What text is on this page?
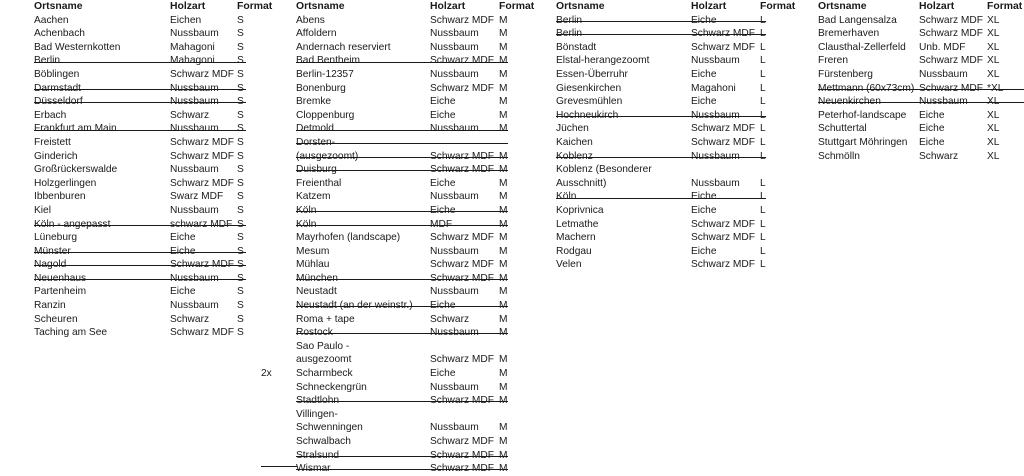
Ortsname	Holzart	Format
Aachen	Eichen	S
Achenbach	Nussbaum S
Bad Westernkotten	Mahagoni S
Berlin	Mahagoni S
Böblingen	Schwarz MDF S
Darmstadt	Nussbaum S
Düsseldorf	Nussbaum S
Erbach	Schwarz	S
Frankfurt am Main	Nussbaum S
Freistett	Schwarz MDF S
Ginderich	Schwarz MDF S
Großrückerswalde	Nussbaum S
Holzgerlingen	Schwarz MDF S
Ibbenburen	Swarz MDF S
Kiel	Nussbaum S
Köln - angepasst	schwarz MDF S
Lüneburg	Eiche	S
Münster	Eiche	S
Nagold	Schwarz MDF S
Neuenhaus	Nussbaum S
Partenheim	Eiche	S
Ranzin	Nussbaum S
Scheuren	Schwarz	S
Taching am See	Schwarz MDF S
Ortsname	Holzart	Format
Abens	Schwarz MDF M
Affoldern	Nussbaum M
Andernach reserviert	Nussbaum M
Bad Bentheim	Schwarz MDF M
Berlin-12357	Nussbaum M
Bonenburg	Schwarz MDF M
Bremke	Eiche	M
Cloppenburg	Eiche	M
Detmold	Nussbaum M
Dorsten-
(ausgezoomt)	Schwarz MDF M
Duisburg	Schwarz MDF M
Freienthal	Eiche	M
Katzem	Nussbaum M
Köln	Eiche	M
Köln	MDF	M
Mayrhofen (landscape)	Schwarz MDF M
Mesum	Nussbaum M
Mühlau	Schwarz MDF M
München	Schwarz MDF M
Neustadt	Nussbaum M
Neustadt (an der weinstr.) Eiche	M
Roma + tape	Schwarz	M
Rostock	Nussbaum M
Sao Paulo -
ausgezoomt	Schwarz MDF M
Scharmbeck	Eiche	M
Schneckengrün	Nussbaum M
Stadtlohn	Schwarz MDF M
Villingen-
Schwenningen	Nussbaum M
Schwalbach	Schwarz MDF M
Stralsund	Schwarz MDF M
Wismar	Schwarz MDF M
Ortsname	Holzart	Format
Berlin	Eiche	L
Berlin	Schwarz MDF L
Bönstadt	Schwarz MDF L
Elstal-herangezoomt	Nussbaum L
Essen-Überruhr	Eiche	L
Giesenkirchen	Magahoni L
Grevesmühlen	Eiche	L
Hochneukirch	Nussbaum L
Jüchen	Schwarz MDF L
Kaichen	Schwarz MDF L
Koblenz	Nussbaum L
Koblenz (Besonderer
Ausschnitt)	Nussbaum L
Köln	Eiche	L
Koprivnica	Eiche	L
Letmathe	Schwarz MDF L
Machern	Schwarz MDF L
Rodgau	Eiche	L
Velen	Schwarz MDF L
Ortsname	Holzart	Format
Bad Langensalza Schwarz MDF XL
Bremerhaven	Schwarz MDF XL
Clausthal-Zellerfeld Unb. MDF XL
Freren	Schwarz MDF XL
Fürstenberg	Nussbaum XL
Mettmann (60x73cm) Schwarz MDF *XL
Neuenkirchen	Nussbaum XL
Peterhof-landscape Eiche	XL
Schuttertal	Eiche	XL
Stuttgart Möhringen Eiche	XL
Schmölln	Schwarz	XL
2x
